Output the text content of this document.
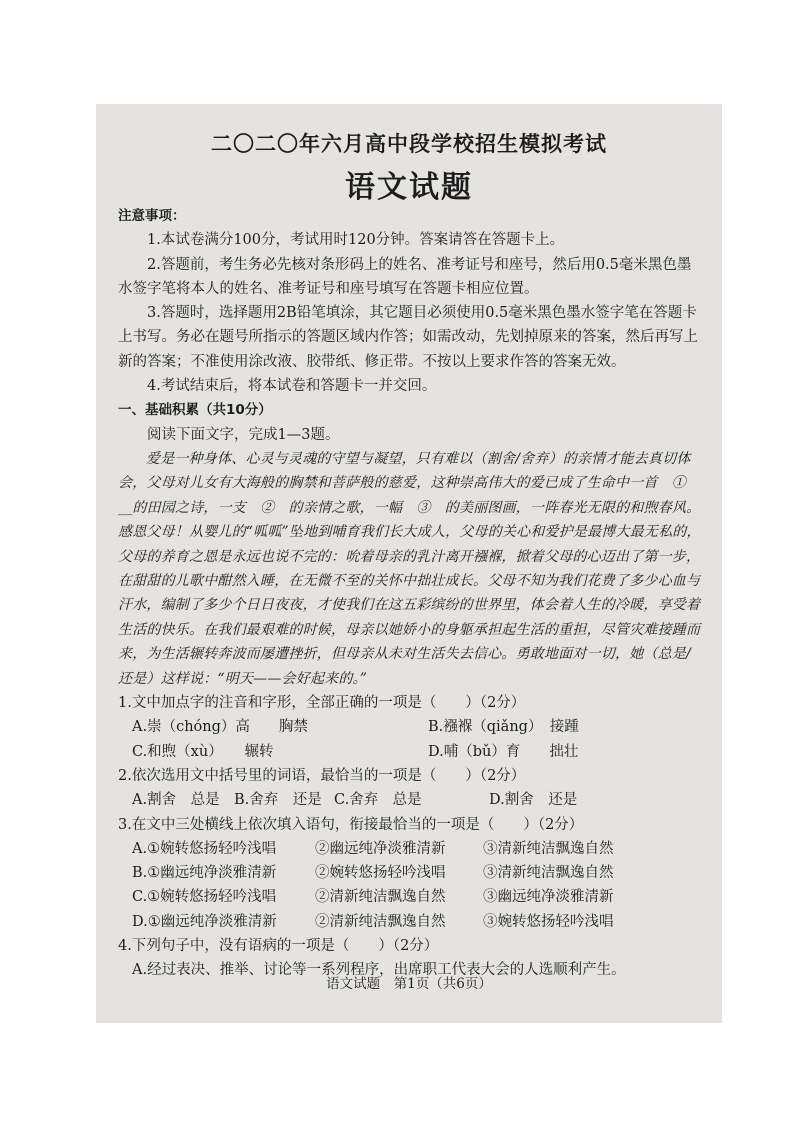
二〇二〇年六月高中段学校招生模拟考试
语文试题

注意事项：

1.本试卷满分100分，考试用时120分钟。答案请答在答题卡上。

2.答题前，考生务必先核对条形码上的姓名、准考证号和座号，然后用0.5毫米黑色墨水签字笔将本人的姓名、准考证号和座号填写在答题卡相应位置。

3.答题时，选择题用2B铅笔填涂，其它题目必须使用0.5毫米黑色墨水签字笔在答题卡上书写。务必在题号所指示的答题区域内作答；如需改动，先划掉原来的答案，然后再写上新的答案；不准使用涂改液、胶带纸、修正带。不按以上要求作答的答案无效。

4.考试结束后，将本试卷和答题卡一并交回。

一、基础积累（共10分）

阅读下面文字，完成1—3题。

爱是一种身体、心灵与灵魂的守望与凝望，只有难以（割舍/舍弃）的亲情才能去真切体会，父母对儿女有大海般的胸禁和菩萨般的慈爱，这种崇高伟大的爱已成了生命中一首　①　__的田园之诗，一支　②　的亲情之歌，一幅　③　的美丽图画，一阵春光无限的和煦春风。感恩父母！从婴儿的“呱呱”坠地到哺育我们长大成人，父母的关心和爱护是最博大最无私的，父母的养育之恩是永远也说不完的：吮着母亲的乳汁离开襁褓，掀着父母的心迈出了第一步，在甜甜的儿歌中酣然入睡，在无微不至的关怀中拙壮成长。父母不知为我们花费了多少心血与汗水，编制了多少个日日夜夜，才使我们在这五彩缤纷的世界里，体会着人生的冷暖，享受着生活的快乐。在我们最艰难的时候，母亲以她娇小的身躯承担起生活的重担，尽管灾难接踵而来，为生活辗转奔波而屡遭挫折，但母亲从未对生活失去信心。勇敢地面对一切，她（总是/还是）这样说：“明天——会好起来的。”

1.文中加点字的注音和字形，全部正确的一项是（　　）（2分）

A.崇（chóng）高　　胸禁	B.襁褓（qiǎng）　接踵
C.和煦（xù）　　辗转	D.哺（bǔ）育　　拙壮

2.依次选用文中括号里的词语，最恰当的一项是（　　）（2分）

A.割舍　总是 B.舍弃　还是 C.舍弃　总是	D.割舍　还是

3.在文中三处横线上依次填入语句，衔接最恰当的一项是（　　）（2分）

A.①婉转悠扬轻吟浅唱	②幽远纯净淡雅清新	③清新纯洁飘逸自然
B.①幽远纯净淡雅清新	②婉转悠扬轻吟浅唱	③清新纯洁飘逸自然
C.①婉转悠扬轻吟浅唱	②清新纯洁飘逸自然	③幽远纯净淡雅清新
D.①幽远纯净淡雅清新	②清新纯洁飘逸自然	③婉转悠扬轻吟浅唱

4.下列句子中，没有语病的一项是（　　）（2分）

A.经过表决、推举、讨论等一系列程序，出席职工代表大会的人选顺利产生。
语文试题　第1页（共6页）
